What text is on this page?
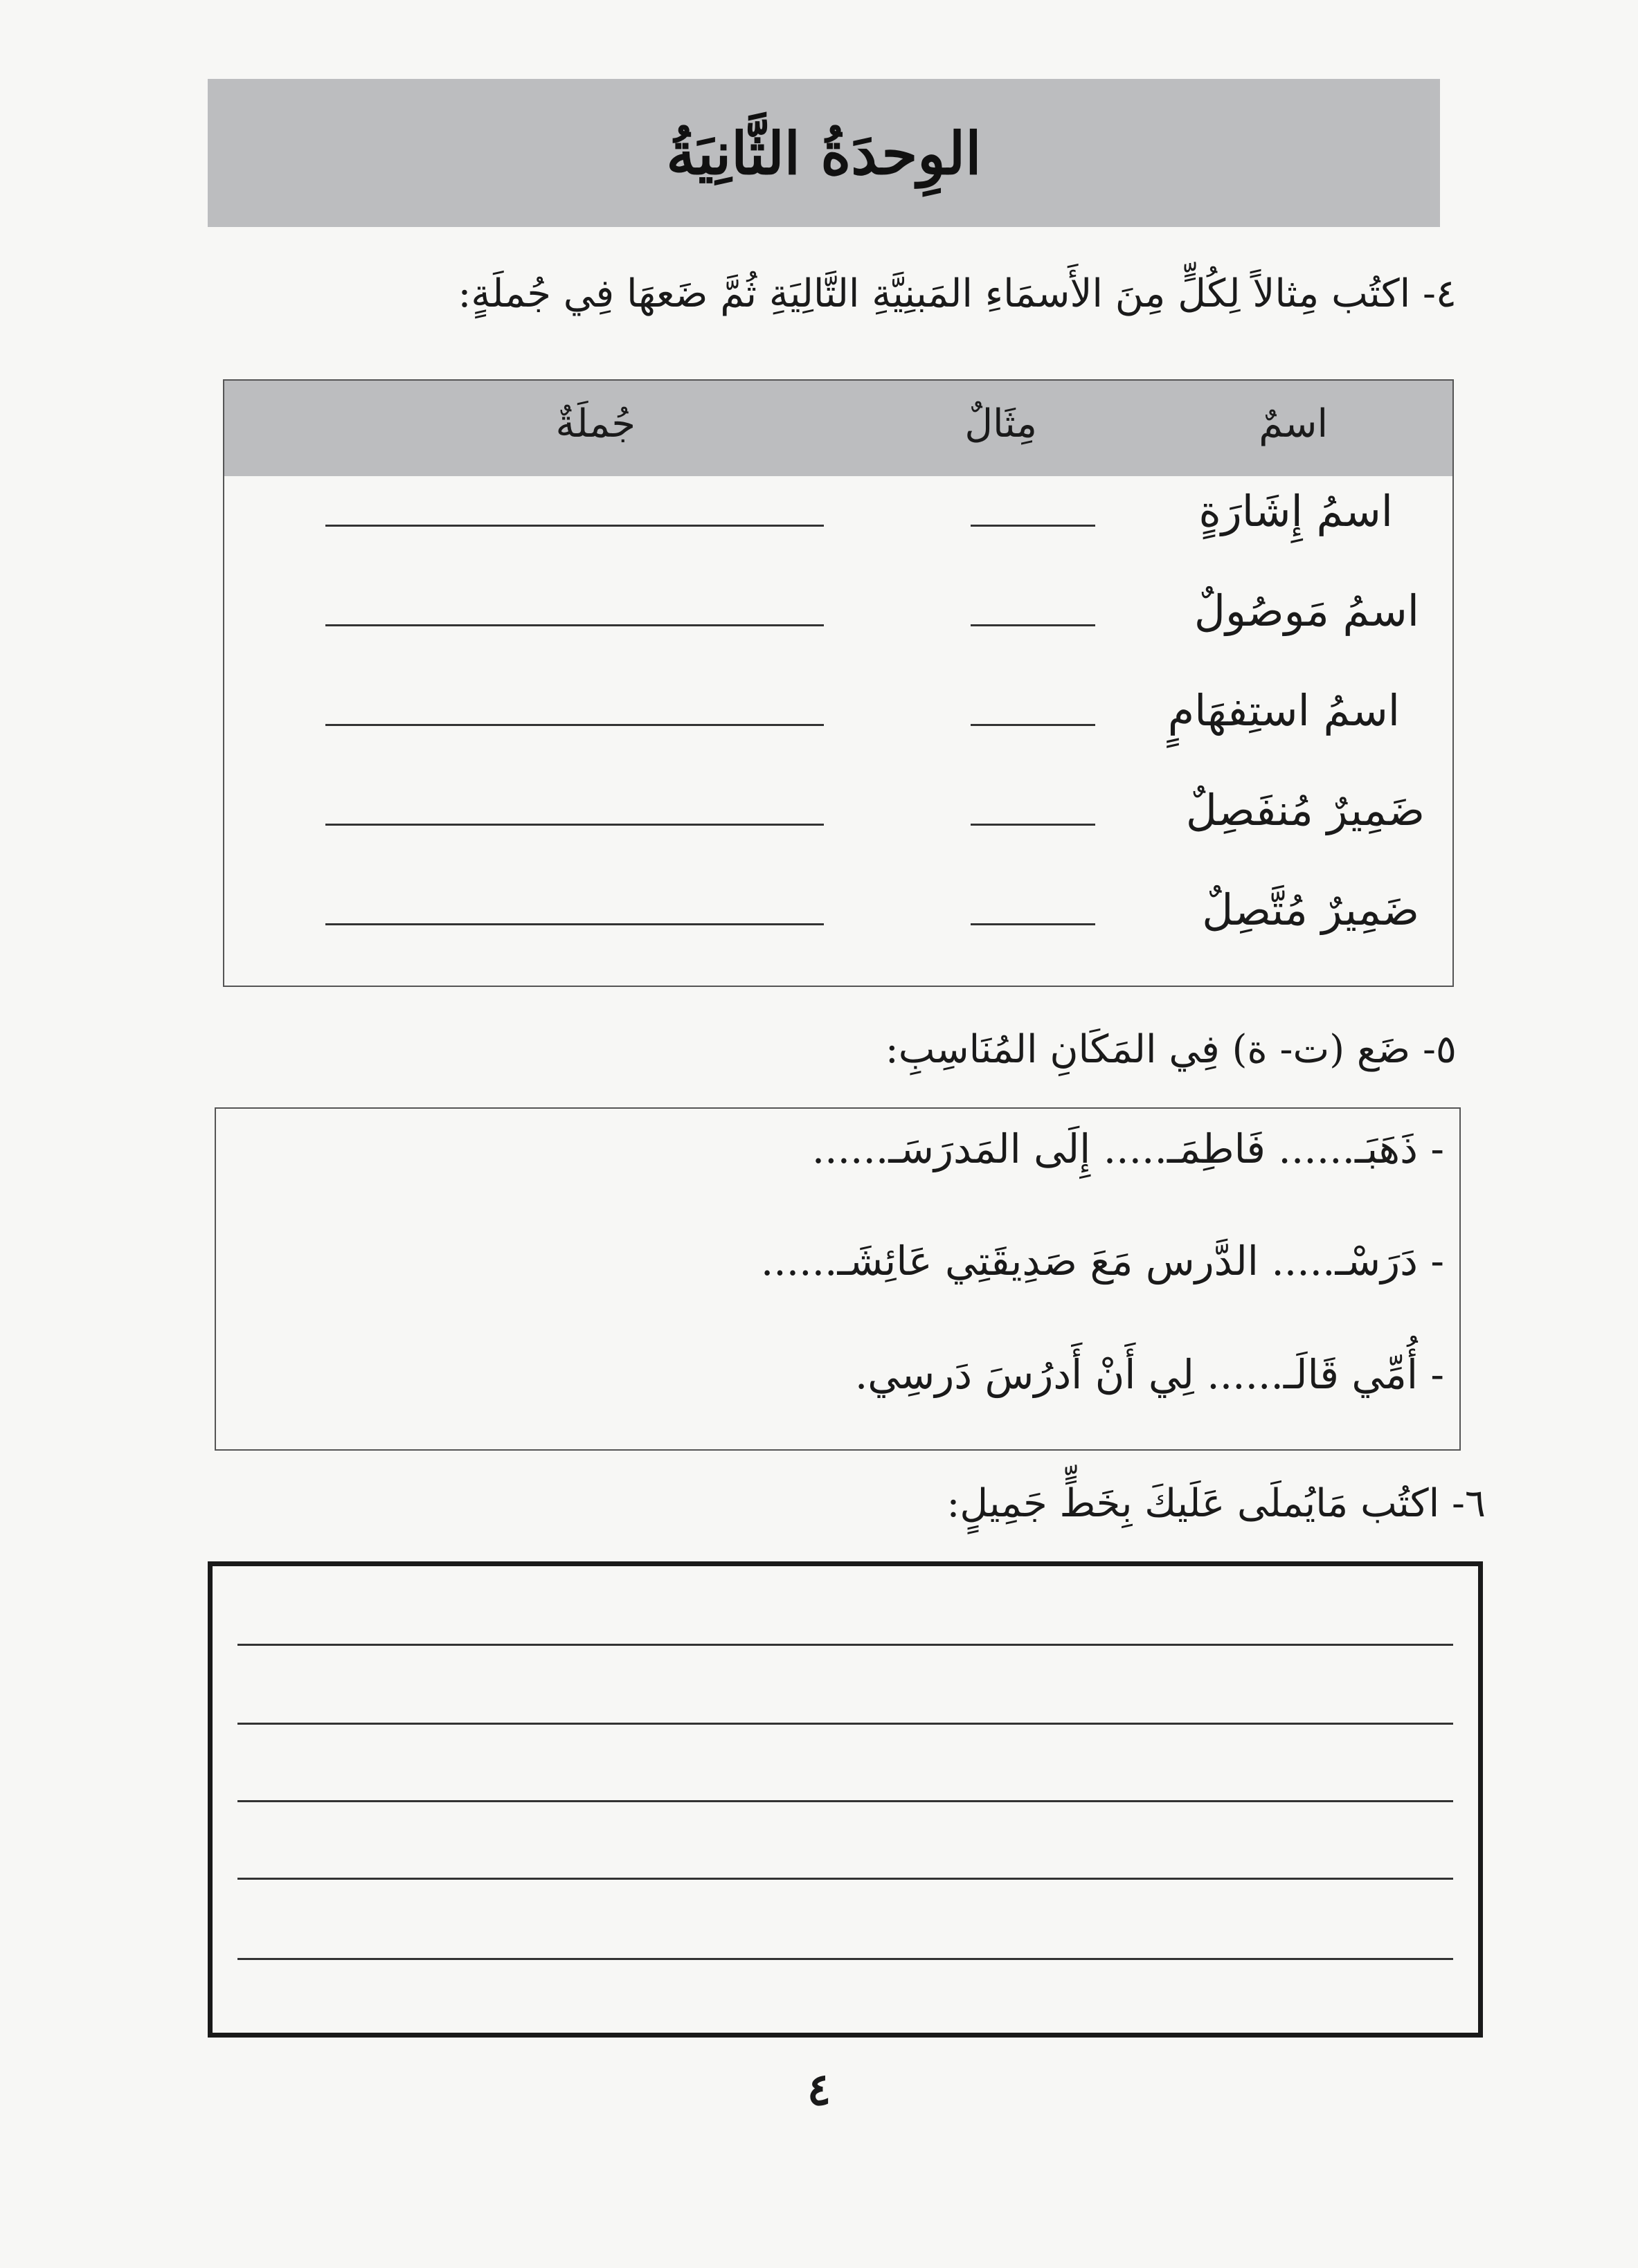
الوِحدَةُ الثَّانِيَةُ
٤- اكتُب مِثالاً لِكُلٍّ مِنَ الأَسمَاءِ المَبنِيَّةِ التَّالِيَةِ ثُمَّ ضَعهَا فِي جُملَةٍ:
اسمٌ
مِثَالٌ
جُملَةٌ
اسمُ إِشَارَةٍ
اسمُ مَوصُولٌ
اسمُ استِفهَامٍ
ضَمِيرٌ مُنفَصِلٌ
ضَمِيرٌ مُتَّصِلٌ
٥- ضَع (ت- ة) فِي المَكَانِ المُنَاسِبِ:
- ذَهَبَـ...... فَاطِمَـ..... إِلَى المَدرَسَـ......
- دَرَسْـ..... الدَّرس مَعَ صَدِيقَتِي عَائِشَـ......
- أُمِّي قَالَـ...... لِي أَنْ أَدرُسَ دَرسِي.
٦- اكتُب مَايُملَى عَلَيكَ بِخَطٍّ جَمِيلٍ:
٤
